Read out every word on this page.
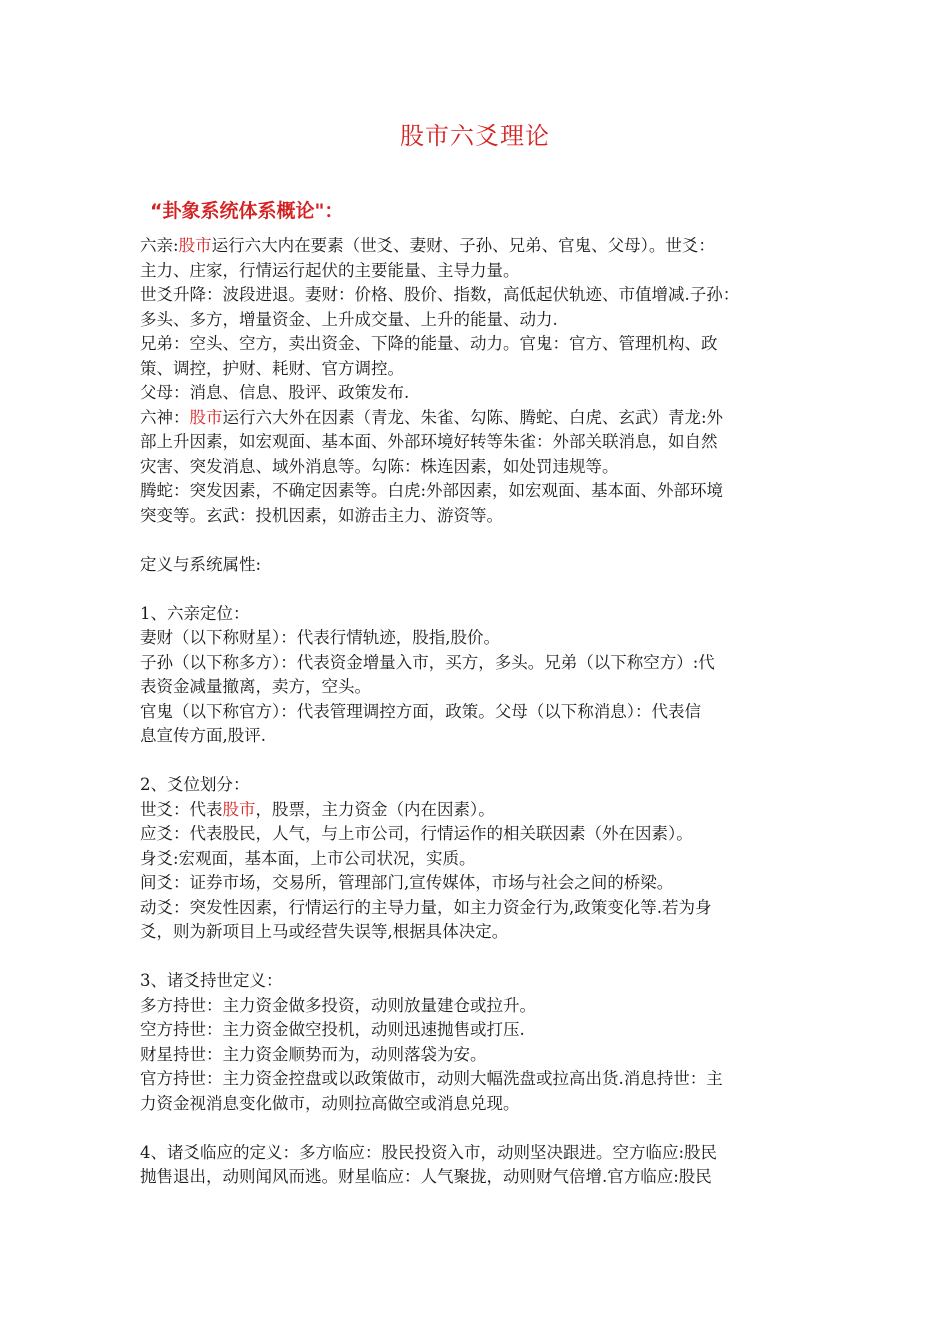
股市六爻理论
“卦象系统体系概论"：
六亲:股市运行六大内在要素（世爻、妻财、子孙、兄弟、官鬼、父母）。世爻：
主力、庄家，行情运行起伏的主要能量、主导力量。
世爻升降：波段进退。妻财：价格、股价、指数，高低起伏轨迹、市值增减.子孙：
多头、多方，增量资金、上升成交量、上升的能量、动力.
兄弟：空头、空方，卖出资金、下降的能量、动力。官鬼：官方、管理机构、政
策、调控，护财、耗财、官方调控。
父母：消息、信息、股评、政策发布.
六神：股市运行六大外在因素（青龙、朱雀、勾陈、腾蛇、白虎、玄武）青龙:外
部上升因素，如宏观面、基本面、外部环境好转等朱雀：外部关联消息，如自然
灾害、突发消息、域外消息等。勾陈：株连因素，如处罚违规等。
腾蛇：突发因素，不确定因素等。白虎:外部因素，如宏观面、基本面、外部环境
突变等。玄武：投机因素，如游击主力、游资等。
定义与系统属性:
1、六亲定位：
妻财（以下称财星）：代表行情轨迹，股指,股价。
子孙（以下称多方）：代表资金增量入市，买方，多头。兄弟（以下称空方）:代
表资金减量撤离，卖方，空头。
官鬼（以下称官方）：代表管理调控方面，政策。父母（以下称消息）：代表信
息宣传方面,股评.
2、爻位划分：
世爻：代表股市，股票，主力资金（内在因素）。
应爻：代表股民，人气，与上市公司，行情运作的相关联因素（外在因素）。
身爻:宏观面，基本面，上市公司状况，实质。
间爻：证券市场，交易所，管理部门,宣传媒体，市场与社会之间的桥梁。
动爻：突发性因素，行情运行的主导力量，如主力资金行为,政策变化等.若为身
爻，则为新项目上马或经营失误等,根据具体决定。
3、诸爻持世定义：
多方持世：主力资金做多投资，动则放量建仓或拉升。
空方持世：主力资金做空投机，动则迅速抛售或打压.
财星持世：主力资金顺势而为，动则落袋为安。
官方持世：主力资金控盘或以政策做市，动则大幅洗盘或拉高出货.消息持世：主
力资金视消息变化做市，动则拉高做空或消息兑现。
4、诸爻临应的定义：多方临应：股民投资入市，动则坚决跟进。空方临应:股民
抛售退出，动则闻风而逃。财星临应：人气聚拢，动则财气倍增.官方临应:股民
